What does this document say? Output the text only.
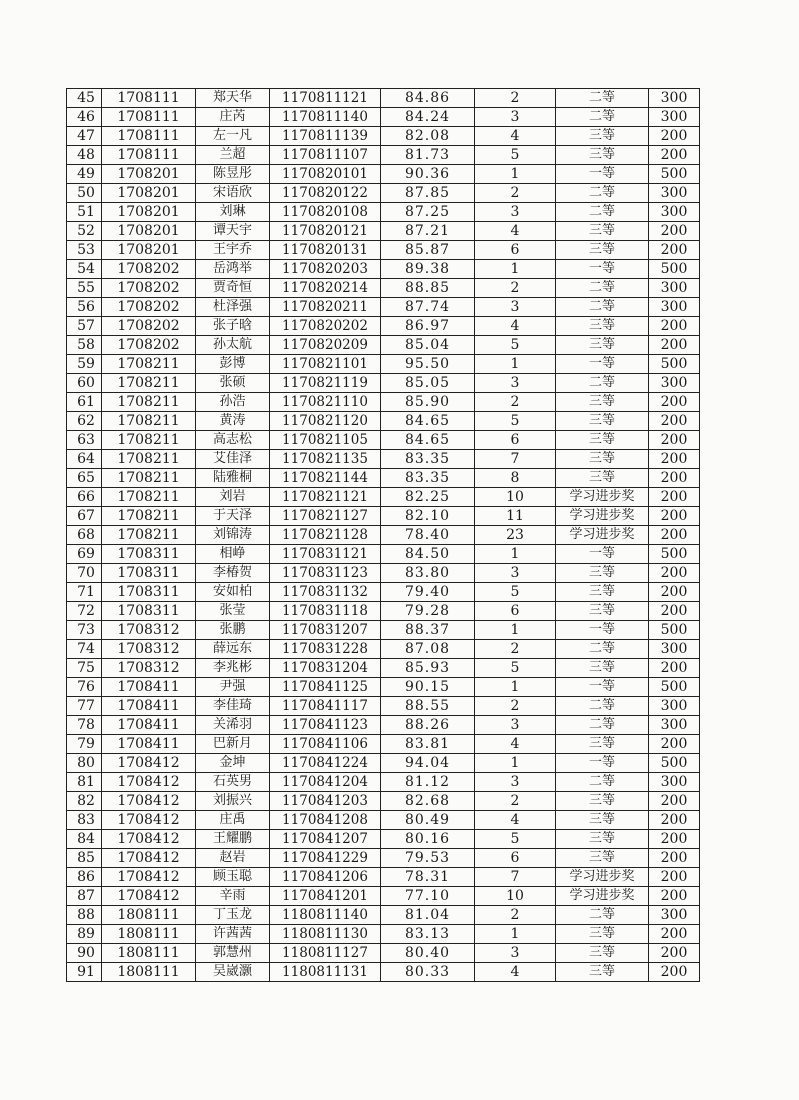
45	1708111	郑天华	1170811121	84.86	2	二等	300
46	1708111	庄芮	1170811140	84.24	3	二等	300
47	1708111	左一凡	1170811139	82.08	4	三等	200
48	1708111	兰超	1170811107	81.73	5	三等	200
49	1708201	陈昱彤	1170820101	90.36	1	一等	500
50	1708201	宋语欣	1170820122	87.85	2	二等	300
51	1708201	刘琳	1170820108	87.25	3	二等	300
52	1708201	谭天宇	1170820121	87.21	4	三等	200
53	1708201	王宇乔	1170820131	85.87	6	三等	200
54	1708202	岳鸿举	1170820203	89.38	1	一等	500
55	1708202	贾奇恒	1170820214	88.85	2	二等	300
56	1708202	杜泽强	1170820211	87.74	3	二等	300
57	1708202	张子晗	1170820202	86.97	4	三等	200
58	1708202	孙太航	1170820209	85.04	5	三等	200
59	1708211	彭博	1170821101	95.50	1	一等	500
60	1708211	张硕	1170821119	85.05	3	二等	300
61	1708211	孙浩	1170821110	85.90	2	三等	200
62	1708211	黄涛	1170821120	84.65	5	三等	200
63	1708211	高志松	1170821105	84.65	6	三等	200
64	1708211	艾佳泽	1170821135	83.35	7	三等	200
65	1708211	陆雅桐	1170821144	83.35	8	三等	200
66	1708211	刘岩	1170821121	82.25	10	学习进步奖	200
67	1708211	于天泽	1170821127	82.10	11	学习进步奖	200
68	1708211	刘锦涛	1170821128	78.40	23	学习进步奖	200
69	1708311	相峥	1170831121	84.50	1	一等	500
70	1708311	李椿贺	1170831123	83.80	3	三等	200
71	1708311	安如柏	1170831132	79.40	5	三等	200
72	1708311	张莹	1170831118	79.28	6	三等	200
73	1708312	张鹏	1170831207	88.37	1	一等	500
74	1708312	薛远东	1170831228	87.08	2	二等	300
75	1708312	李兆彬	1170831204	85.93	5	三等	200
76	1708411	尹强	1170841125	90.15	1	一等	500
77	1708411	李佳琦	1170841117	88.55	2	二等	300
78	1708411	关浠羽	1170841123	88.26	3	二等	300
79	1708411	巴新月	1170841106	83.81	4	三等	200
80	1708412	金坤	1170841224	94.04	1	一等	500
81	1708412	石英男	1170841204	81.12	3	二等	300
82	1708412	刘振兴	1170841203	82.68	2	三等	200
83	1708412	庄禹	1170841208	80.49	4	三等	200
84	1708412	王耀鹏	1170841207	80.16	5	三等	200
85	1708412	赵岩	1170841229	79.53	6	三等	200
86	1708412	顾玉聪	1170841206	78.31	7	学习进步奖	200
87	1708412	辛雨	1170841201	77.10	10	学习进步奖	200
88	1808111	丁玉龙	1180811140	81.04	2	二等	300
89	1808111	许茜茜	1180811130	83.13	1	三等	200
90	1808111	郭慧州	1180811127	80.40	3	三等	200
91	1808111	吴崴灏	1180811131	80.33	4	三等	200
